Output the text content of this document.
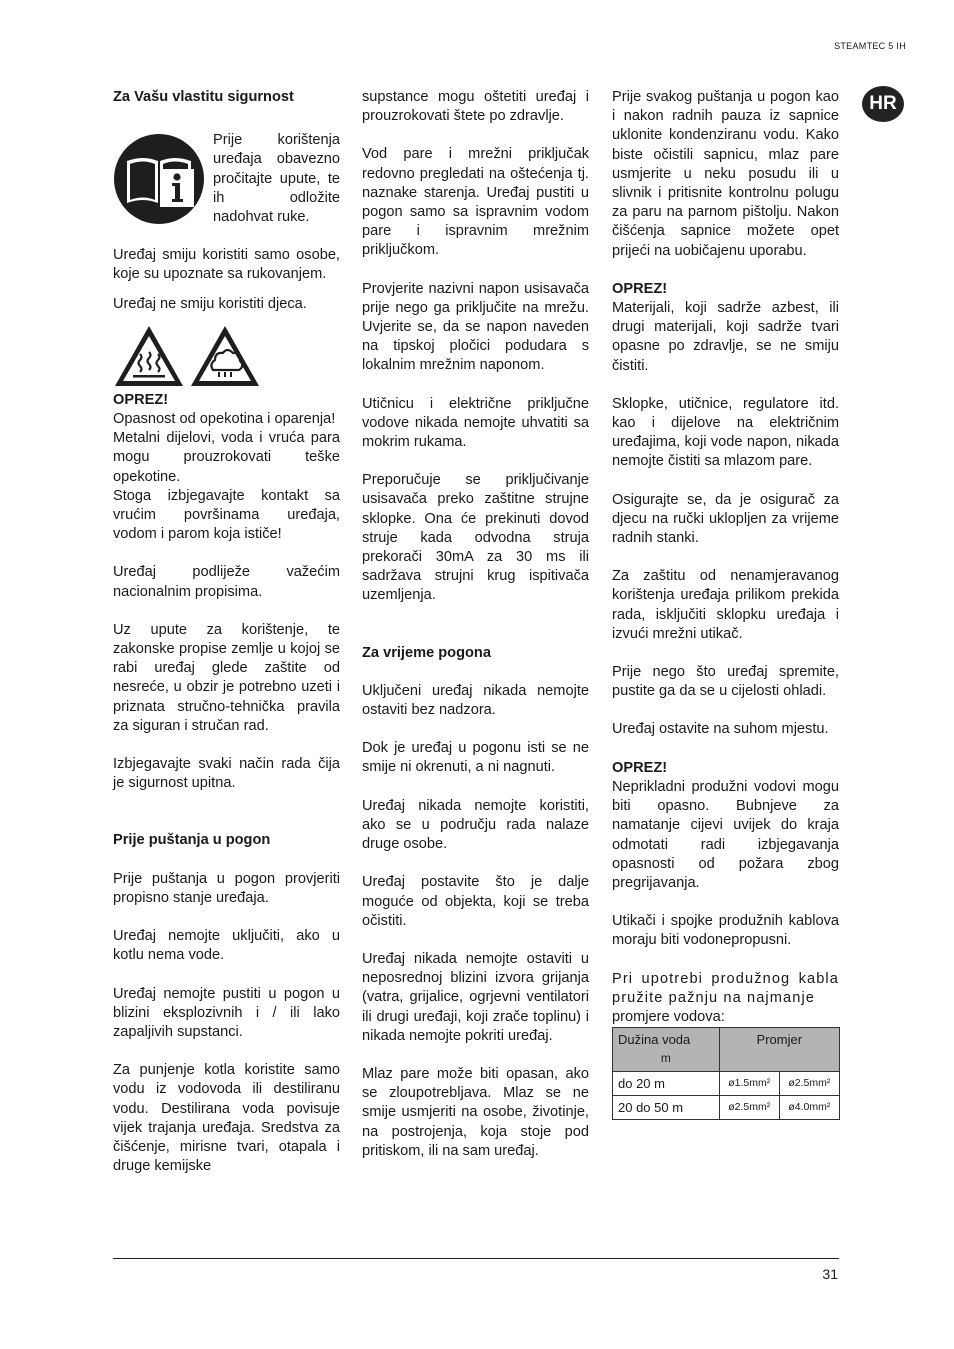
STEAMTEC 5 IH
HR
Za Vašu vlastitu sigurnost

Prije korištenja uređaja obavezno pročitajte upute, te ih odložite nadohvat ruke.

Uređaj smiju koristiti samo osobe, koje su upoznate sa rukovanjem.

Uređaj ne smiju koristiti djeca.

OPREZ!

Opasnost od opekotina i oparenja!

Metalni dijelovi, voda i vruća para mogu prouzrokovati teške opekotine.

Stoga izbjegavajte kontakt sa vrućim površinama uređaja, vodom i parom koja ističe!

Uređaj podliježe važećim nacionalnim propisima.

Uz upute za korištenje, te zakonske propise zemlje u kojoj se rabi uređaj glede zaštite od nesreće, u obzir je potrebno uzeti i priznata stručno-tehnička pravila za siguran i stručan rad.

Izbjegavajte svaki način rada čija je sigurnost upitna.

Prije puštanja u pogon

Prije puštanja u pogon provjeriti propisno stanje uređaja.

Uređaj nemojte uključiti, ako u kotlu nema vode.

Uređaj nemojte pustiti u pogon u blizini eksplozivnih i / ili lako zapaljivih supstanci.

Za punjenje kotla koristite samo vodu iz vodovoda ili destiliranu vodu. Destilirana voda povisuje vijek trajanja uređaja. Sredstva za čišćenje, mirisne tvari, otapala i druge kemijske

supstance mogu oštetiti uređaj i prouzrokovati štete po zdravlje.

Vod pare i mrežni priključak redovno pregledati na oštećenja tj. naznake starenja. Uređaj pustiti u pogon samo sa ispravnim vodom pare i ispravnim mrežnim priključkom.

Provjerite nazivni napon usisavača prije nego ga priključite na mrežu. Uvjerite se, da se napon naveden na tipskoj pločici podudara s lokalnim mrežnim naponom.

Utičnicu i električne priključne vodove nikada nemojte uhvatiti sa mokrim rukama.

Preporučuje se priključivanje usisavača preko zaštitne strujne sklopke. Ona će prekinuti dovod struje kada odvodna struja prekorači 30mA za 30 ms ili sadržava strujni krug ispitivača uzemljenja.

Za vrijeme pogona

Uključeni uređaj nikada nemojte ostaviti bez nadzora.

Dok je uređaj u pogonu isti se ne smije ni okrenuti, a ni nagnuti.

Uređaj nikada nemojte koristiti, ako se u području rada nalaze druge osobe.

Uređaj postavite što je dalje moguće od objekta, koji se treba očistiti.

Uređaj nikada nemojte ostaviti u neposrednoj blizini izvora grijanja (vatra, grijalice, ogrjevni ventilatori ili drugi uređaji, koji zrače toplinu) i nikada nemojte pokriti uređaj.

Mlaz pare može biti opasan, ako se zloupotrebljava. Mlaz se ne smije usmjeriti na osobe, životinje, na postrojenja, koja stoje pod pritiskom, ili na sam uređaj.

Prije svakog puštanja u pogon kao i nakon radnih pauza iz sapnice uklonite kondenziranu vodu. Kako biste očistili sapnicu, mlaz pare usmjerite u neku posudu ili u slivnik i pritisnite kontrolnu polugu za paru na parnom pištolju. Nakon čišćenja sapnice možete opet prijeći na uobičajenu uporabu.

OPREZ!

Materijali, koji sadrže azbest, ili drugi materijali, koji sadrže tvari opasne po zdravlje, se ne smiju čistiti.

Sklopke, utičnice, regulatore itd. kao i dijelove na električnim uređajima, koji vode napon, nikada nemojte čistiti sa mlazom pare.

Osigurajte se, da je osigurač za djecu na ručki uklopljen za vrijeme radnih stanki.

Za zaštitu od nenamjeravanog korištenja uređaja prilikom prekida rada, isključiti sklopku uređaja i izvući mrežni utikač.

Prije nego što uređaj spremite, pustite ga da se u cijelosti ohladi.

Uređaj ostavite na suhom mjestu.

OPREZ!

Neprikladni produžni vodovi mogu biti opasno. Bubnjeve za namatanje cijevi uvijek do kraja odmotati radi izbjegavanja opasnosti od požara zbog pregrijavanja.

Utikači i spojke produžnih kablova moraju biti vodonepropusni.

Pri upotrebi produžnog kabla pružite pažnju na najmanje

promjere vodova:

Dužina voda
m	Promjer	
do 20 m	ø1.5mm²	ø2.5mm²
20 do 50 m	ø2.5mm²	ø4.0mm²
31
